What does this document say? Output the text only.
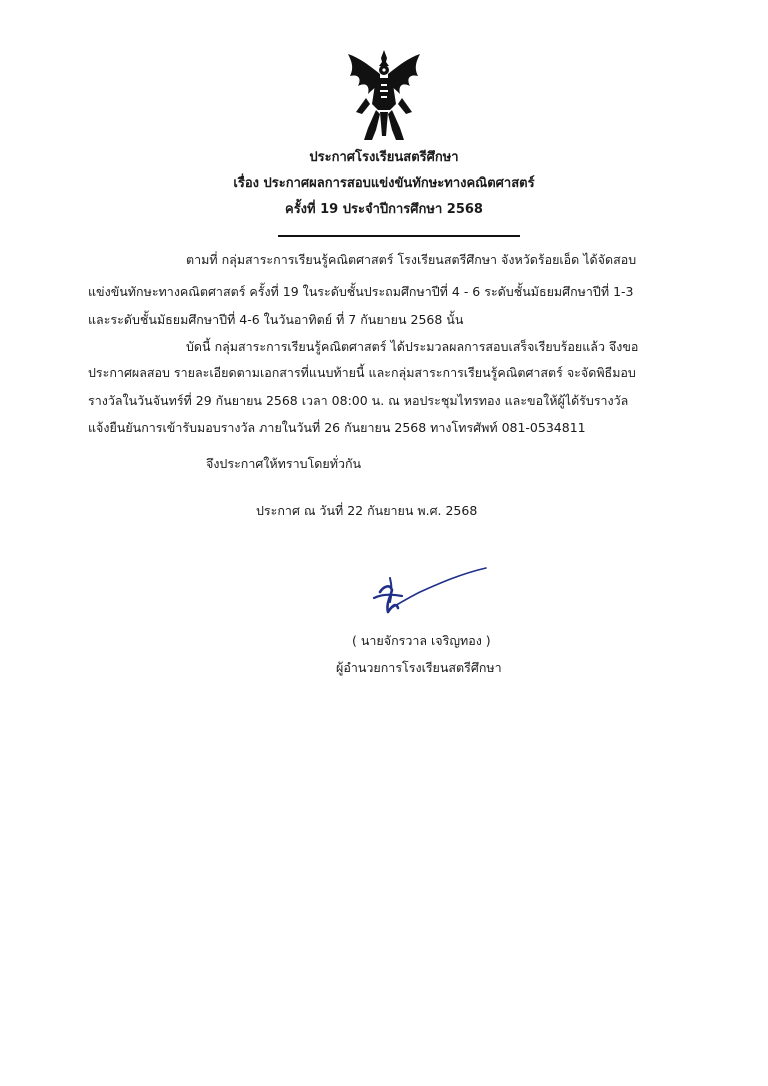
ประกาศโรงเรียนสตรีศึกษา
เรื่อง ประกาศผลการสอบแข่งขันทักษะทางคณิตศาสตร์
ครั้งที่ 19 ประจำปีการศึกษา 2568
ตามที่ กลุ่มสาระการเรียนรู้คณิตศาสตร์ โรงเรียนสตรีศึกษา จังหวัดร้อยเอ็ด ได้จัดสอบ
แข่งขันทักษะทางคณิตศาสตร์ ครั้งที่ 19 ในระดับชั้นประถมศึกษาปีที่ 4 - 6 ระดับชั้นมัธยมศึกษาปีที่ 1-3
และระดับชั้นมัธยมศึกษาปีที่ 4-6 ในวันอาทิตย์ ที่ 7 กันยายน 2568 นั้น
บัดนี้ กลุ่มสาระการเรียนรู้คณิตศาสตร์ ได้ประมวลผลการสอบเสร็จเรียบร้อยแล้ว จึงขอ
ประกาศผลสอบ รายละเอียดตามเอกสารที่แนบท้ายนี้ และกลุ่มสาระการเรียนรู้คณิตศาสตร์ จะจัดพิธีมอบ
รางวัลในวันจันทร์ที่ 29 กันยายน 2568 เวลา 08:00 น. ณ หอประชุมไทรทอง และขอให้ผู้ได้รับรางวัล
แจ้งยืนยันการเข้ารับมอบรางวัล ภายในวันที่ 26 กันยายน 2568 ทางโทรศัพท์ 081-0534811
จึงประกาศให้ทราบโดยทั่วกัน
ประกาศ ณ วันที่ 22 กันยายน พ.ศ. 2568
( นายจักรวาล เจริญทอง )
ผู้อำนวยการโรงเรียนสตรีศึกษา
